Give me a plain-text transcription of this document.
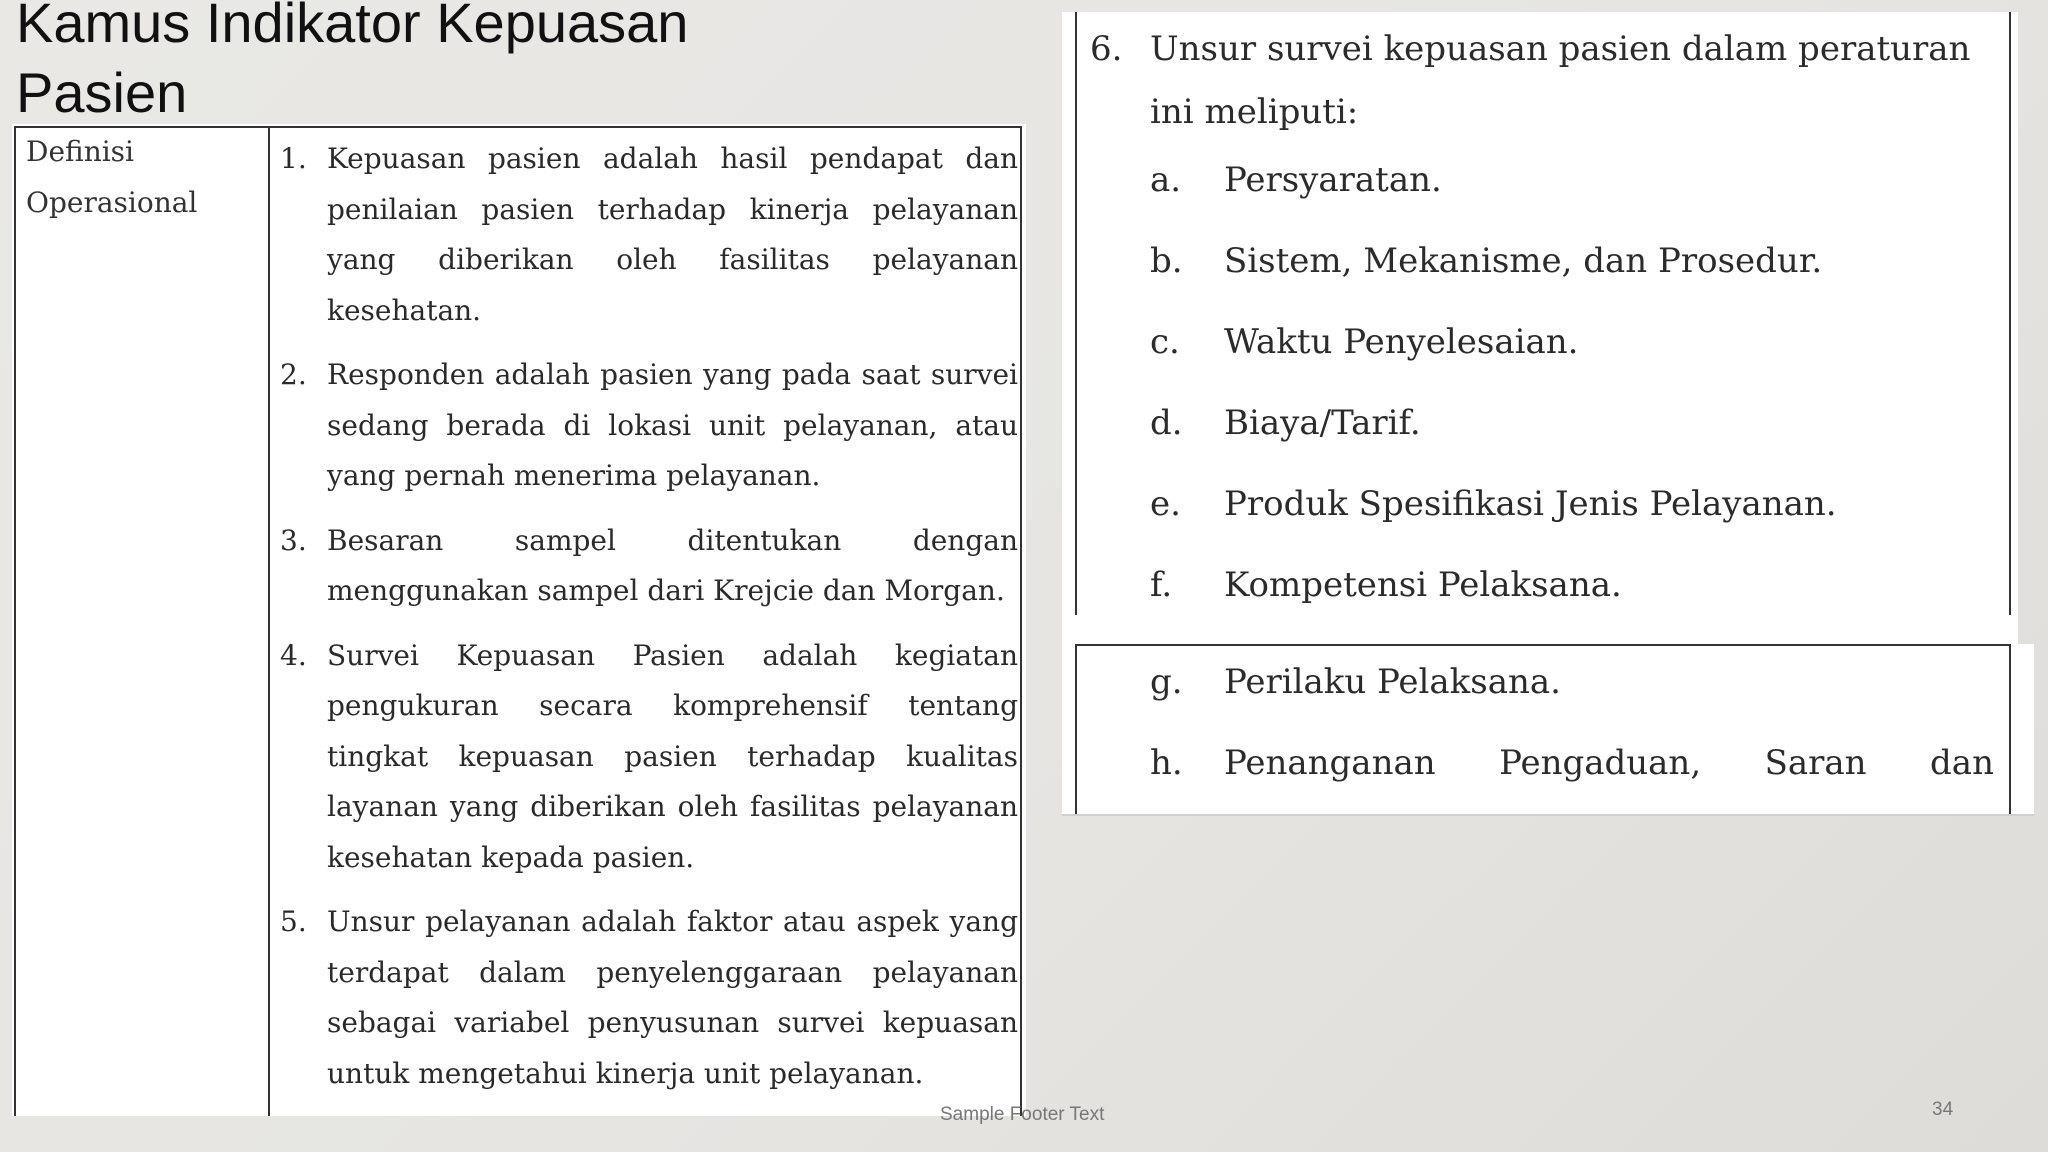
Kamus Indikator Kepuasan Pasien
Definisi Operasional
1. Kepuasan pasien adalah hasil pendapat dan penilaian pasien terhadap kinerja pelayanan yang diberikan oleh fasilitas pelayanan kesehatan.
2. Responden adalah pasien yang pada saat survei sedang berada di lokasi unit pelayanan, atau yang pernah menerima pelayanan.
3. Besaran sampel ditentukan dengan menggunakan sampel dari Krejcie dan Morgan.
4. Survei Kepuasan Pasien adalah kegiatan pengukuran secara komprehensif tentang tingkat kepuasan pasien terhadap kualitas layanan yang diberikan oleh fasilitas pelayanan kesehatan kepada pasien.
5. Unsur pelayanan adalah faktor atau aspek yang terdapat dalam penyelenggaraan pelayanan sebagai variabel penyusunan survei kepuasan untuk mengetahui kinerja unit pelayanan.
6. Unsur survei kepuasan pasien dalam peraturan ini meliputi:
a. Persyaratan.
b. Sistem, Mekanisme, dan Prosedur.
c. Waktu Penyelesaian.
d. Biaya/Tarif.
e. Produk Spesifikasi Jenis Pelayanan.
f. Kompetensi Pelaksana.
g. Perilaku Pelaksana.
h. Penanganan Pengaduan, Saran dan
Sample Footer Text	34
